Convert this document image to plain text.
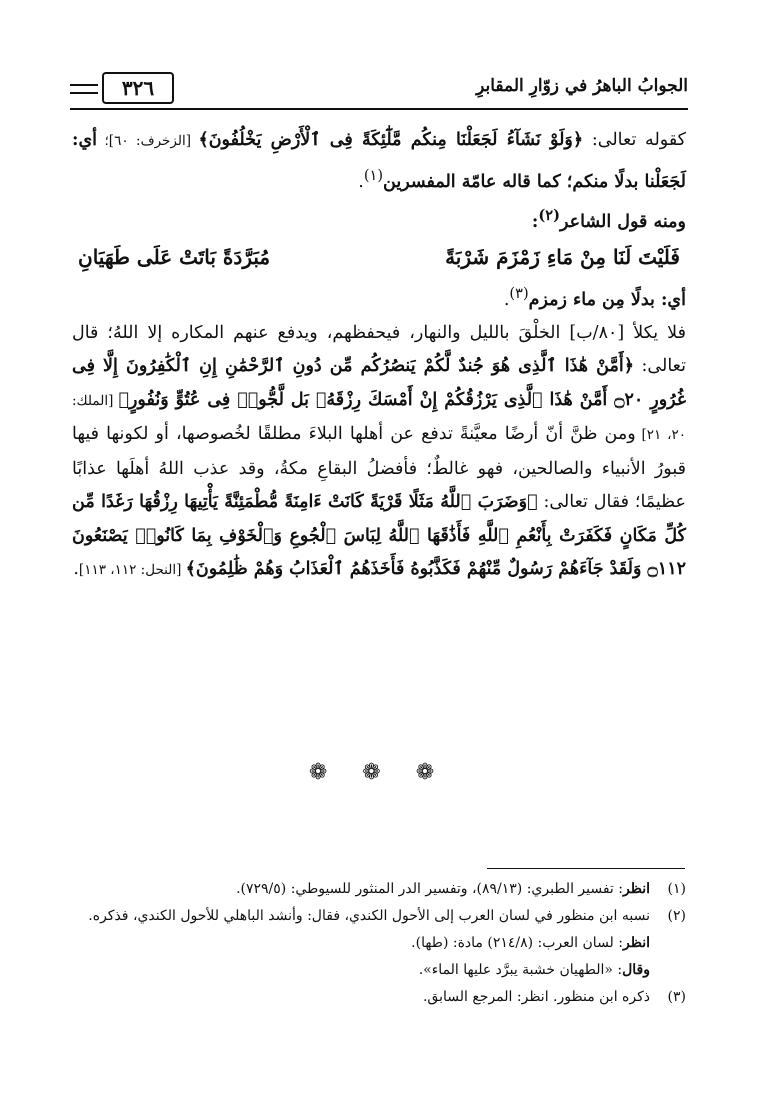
٣٢٦	الجوابُ الباهرُ في زوّارِ المقابرِ

كقوله تعالى: ﴿وَلَوْ نَشَآءُ لَجَعَلْنَا مِنكُم مَّلَٰٓئِكَةً فِى ٱلْأَرْضِ يَخْلُفُونَ﴾ [الزخرف: ٦٠]؛ أي: لَجَعَلْنا بدلًا منكم؛ كما قاله عامّة المفسرين$^{(١)}$.

ومنه قول الشاعر$^{(٢)}$:

فَلَيْتَ لَنَا مِنْ مَاءِ زَمْزَمَ شَرْبَةً
مُبَرَّدَةً بَاتَتْ عَلَى طَهَيَانِ

أي: بدلًا مِن ماء زمزم$^{(٣)}$.

فلا يكلأ [٨٠/ب] الخلْقَ بالليل والنهار، فيحفظهم، ويدفع عنهم المكاره إلا اللهُ؛ قال تعالى: ﴿أَمَّنْ هَٰذَا ٱلَّذِى هُوَ جُندٌ لَّكُمْ يَنصُرُكُم مِّن دُونِ ٱلرَّحْمَٰنِ إِنِ ٱلْكَٰفِرُونَ إِلَّا فِى غُرُورٍ ۝٢٠ أَمَّنْ هَٰذَا ٱلَّذِى يَرْزُقُكُمْ إِنْ أَمْسَكَ رِزْقَهُۥ بَل لَّجُّوا۟ فِى عُتُوٍّ وَنُفُورٍ﴾ [الملك: ٢٠، ٢١] ومن ظنَّ أنّ أرضًا معيَّنةً تدفع عن أهلها البلاءَ مطلقًا لخُصوصها، أو لكونها فيها قبورُ الأنبياء والصالحين، فهو غالطٌ؛ فأفضلُ البقاعِ مكةُ، وقد عذب اللهُ أهلَها عذابًا عظيمًا؛ فقال تعالى: ﴿وَضَرَبَ ٱللَّهُ مَثَلًا قَرْيَةً كَانَتْ ءَامِنَةً مُّطْمَئِنَّةً يَأْتِيهَا رِزْقُهَا رَغَدًا مِّن كُلِّ مَكَانٍ فَكَفَرَتْ بِأَنْعُمِ ٱللَّهِ فَأَذَٰقَهَا ٱللَّهُ لِبَاسَ ٱلْجُوعِ وَٱلْخَوْفِ بِمَا كَانُوا۟ يَصْنَعُونَ ۝١١٢ وَلَقَدْ جَآءَهُمْ رَسُولٌ مِّنْهُمْ فَكَذَّبُوهُ فَأَخَذَهُمُ ٱلْعَذَابُ وَهُمْ ظَٰلِمُونَ﴾ [النحل: ١١٢، ١١٣].

❁ ❁ ❁
(١)
انظر: تفسير الطبري: (٨٩/١٣)، وتفسير الدر المنثور للسيوطي: (٧٢٩/٥).
(٢)
نسبه ابن منظور في لسان العرب إلى الأحول الكندي، فقال: وأنشد الباهلي للأحول الكندي، فذكره.
انظر: لسان العرب: (٢١٤/٨) مادة: (طها).
وقال: «الطهيان خشبة يبرَّد عليها الماء».
(٣)
ذكره ابن منظور. انظر: المرجع السابق.
